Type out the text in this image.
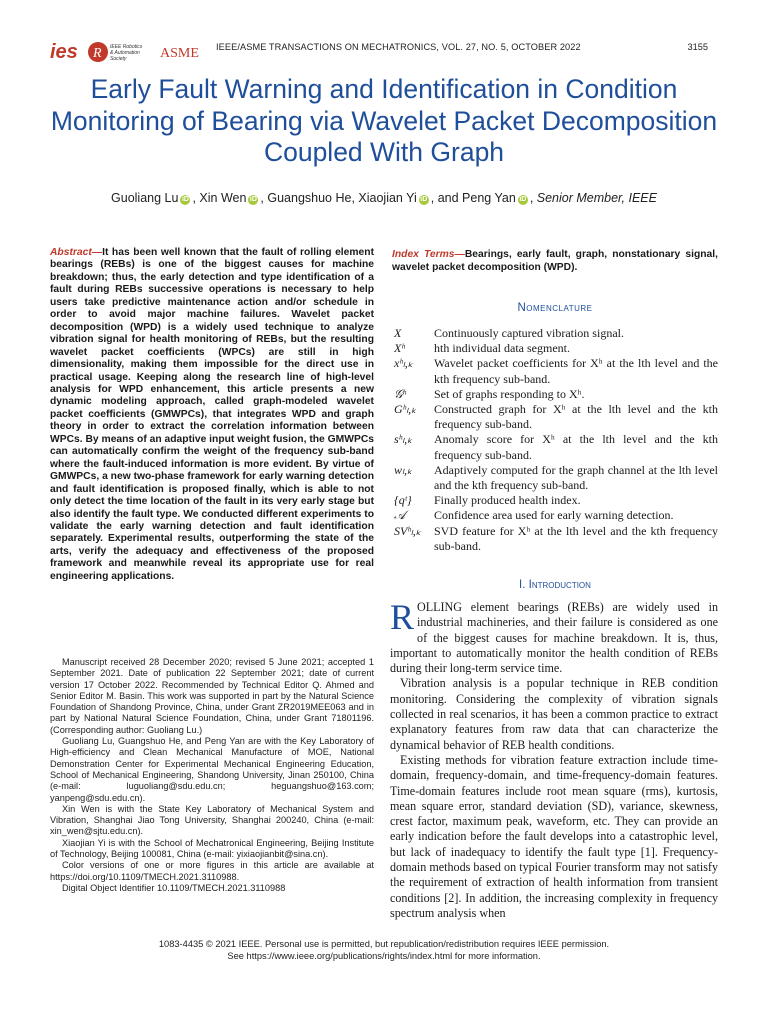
ies R IEEE Robotics
& Automation
Society ASME IEEE/ASME TRANSACTIONS ON MECHATRONICS, VOL. 27, NO. 5, OCTOBER 2022	3155
Early Fault Warning and Identification in Condition Monitoring of Bearing via Wavelet Packet Decomposition Coupled With Graph
Guoliang Lu iD , Xin Wen iD , Guangshuo He, Xiaojian Yi iD , and Peng Yan iD , Senior Member, IEEE
Abstract—It has been well known that the fault of rolling element bearings (REBs) is one of the biggest causes for machine breakdown; thus, the early detection and type identification of a fault during REBs successive operations is necessary to help users take predictive maintenance action and/or schedule in order to avoid major machine failures. Wavelet packet decomposition (WPD) is a widely used technique to analyze vibration signal for health monitoring of REBs, but the resulting wavelet packet coefficients (WPCs) are still in high dimensionality, making them impossible for the direct use in practical usage. Keeping along the research line of high-level analysis for WPD enhancement, this article presents a new dynamic modeling approach, called graph-modeled wavelet packet coefficients (GMWPCs), that integrates WPD and graph theory in order to extract the correlation information between WPCs. By means of an adaptive input weight fusion, the GMWPCs can automatically confirm the weight of the frequency sub-band where the fault-induced information is more evident. By virtue of GMWPCs, a new two-phase framework for early warning detection and fault identification is proposed finally, which is able to not only detect the time location of the fault in its very early stage but also identify the fault type. We conducted different experiments to validate the early warning detection and fault identification separately. Experimental results, outperforming the state of the arts, verify the adequacy and effectiveness of the proposed framework and meanwhile reveal its appropriate use for real engineering applications.

Manuscript received 28 December 2020; revised 5 June 2021; accepted 1 September 2021. Date of publication 22 September 2021; date of current version 17 October 2022. Recommended by Technical Editor Q. Ahmed and Senior Editor M. Basin. This work was supported in part by the Natural Science Foundation of Shandong Province, China, under Grant ZR2019MEE063 and in part by National Natural Science Foundation, China, under Grant 71801196. (Corresponding author: Guoliang Lu.)

Guoliang Lu, Guangshuo He, and Peng Yan are with the Key Laboratory of High-efficiency and Clean Mechanical Manufacture of MOE, National Demonstration Center for Experimental Mechanical Engineering Education, School of Mechanical Engineering, Shandong University, Jinan 250100, China (e-mail: luguoliang@sdu.edu.cn; heguangshuo@163.com; yanpeng@sdu.edu.cn).

Xin Wen is with the State Key Laboratory of Mechanical System and Vibration, Shanghai Jiao Tong University, Shanghai 200240, China (e-mail: xin_wen@sjtu.edu.cn).

Xiaojian Yi is with the School of Mechatronical Engineering, Beijing Institute of Technology, Beijing 100081, China (e-mail: yixiaojianbit@sina.cn).

Color versions of one or more figures in this article are available at https://doi.org/10.1109/TMECH.2021.3110988.

Digital Object Identifier 10.1109/TMECH.2021.3110988

Index Terms—Bearings, early fault, graph, nonstationary signal, wavelet packet decomposition (WPD).
Nomenclature
X	Continuously captured vibration signal.
Xʰ	hth individual data segment.
xʰₗ,ₖ	Wavelet packet coefficients for Xʰ at the lth level and the kth frequency sub-band.
𝒢ʰ	Set of graphs responding to Xʰ.
Gʰₗ,ₖ	Constructed graph for Xʰ at the lth level and the kth frequency sub-band.
sʰₗ,ₖ	Anomaly score for Xʰ at the lth level and the kth frequency sub-band.
wₗ,ₖ	Adaptively computed for the graph channel at the lth level and the kth frequency sub-band.
{qᵗ}	Finally produced health index.
𝒜	Confidence area used for early warning detection.
SVʰₗ,ₖ	SVD feature for Xʰ at the lth level and the kth frequency sub-band.
I. Introduction

ROLLING element bearings (REBs) are widely used in industrial machineries, and their failure is considered as one of the biggest causes for machine breakdown. It is, thus, important to automatically monitor the health condition of REBs during their long-term service time.

Vibration analysis is a popular technique in REB condition monitoring. Considering the complexity of vibration signals collected in real scenarios, it has been a common practice to extract explanatory features from raw data that can characterize the dynamical behavior of REB health conditions.

Existing methods for vibration feature extraction include time-domain, frequency-domain, and time-frequency-domain features. Time-domain features include root mean square (rms), kurtosis, mean square error, standard deviation (SD), variance, skewness, crest factor, maximum peak, waveform, etc. They can provide an early indication before the fault develops into a catastrophic level, but lack of inadequacy to identify the fault type [1]. Frequency-domain methods based on typical Fourier transform may not satisfy the requirement of extraction of health information from transient conditions [2]. In addition, the increasing complexity in frequency spectrum analysis when

1083-4435 © 2021 IEEE. Personal use is permitted, but republication/redistribution requires IEEE permission.
See https://www.ieee.org/publications/rights/index.html for more information.
